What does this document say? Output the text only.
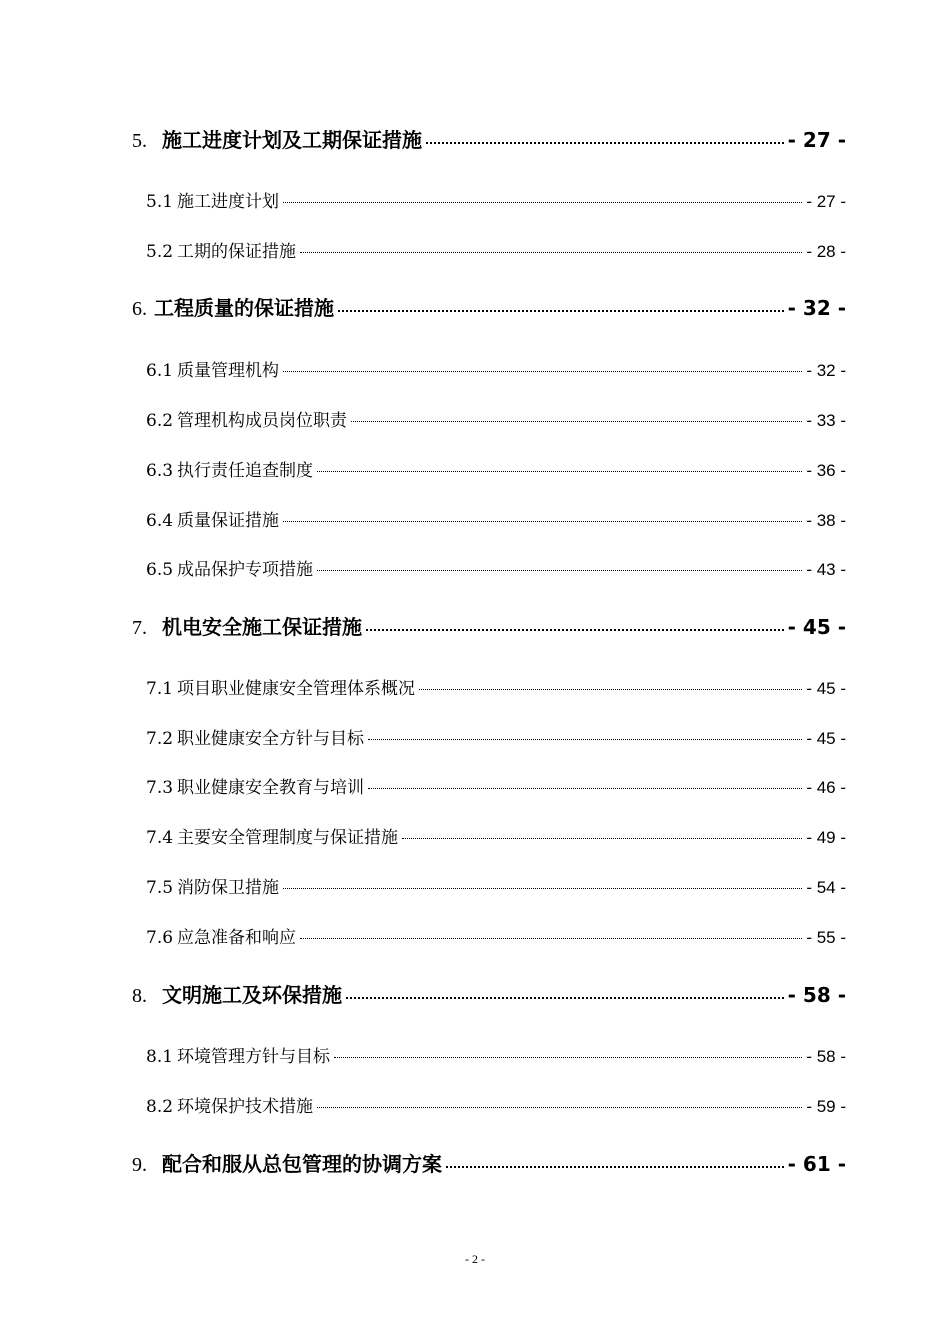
5. 施工进度计划及工期保证措施	- 27 -
5.1 施工进度计划	- 27 -
5.2 工期的保证措施	- 28 -
6. 工程质量的保证措施	- 32 -
6.1 质量管理机构	- 32 -
6.2 管理机构成员岗位职责	- 33 -
6.3 执行责任追查制度	- 36 -
6.4 质量保证措施	- 38 -
6.5 成品保护专项措施	- 43 -
7. 机电安全施工保证措施	- 45 -
7.1 项目职业健康安全管理体系概况	- 45 -
7.2 职业健康安全方针与目标	- 45 -
7.3 职业健康安全教育与培训	- 46 -
7.4 主要安全管理制度与保证措施	- 49 -
7.5 消防保卫措施	- 54 -
7.6 应急准备和响应	- 55 -
8. 文明施工及环保措施	- 58 -
8.1 环境管理方针与目标	- 58 -
8.2 环境保护技术措施	- 59 -
9. 配合和服从总包管理的协调方案	- 61 -
- 2 -
